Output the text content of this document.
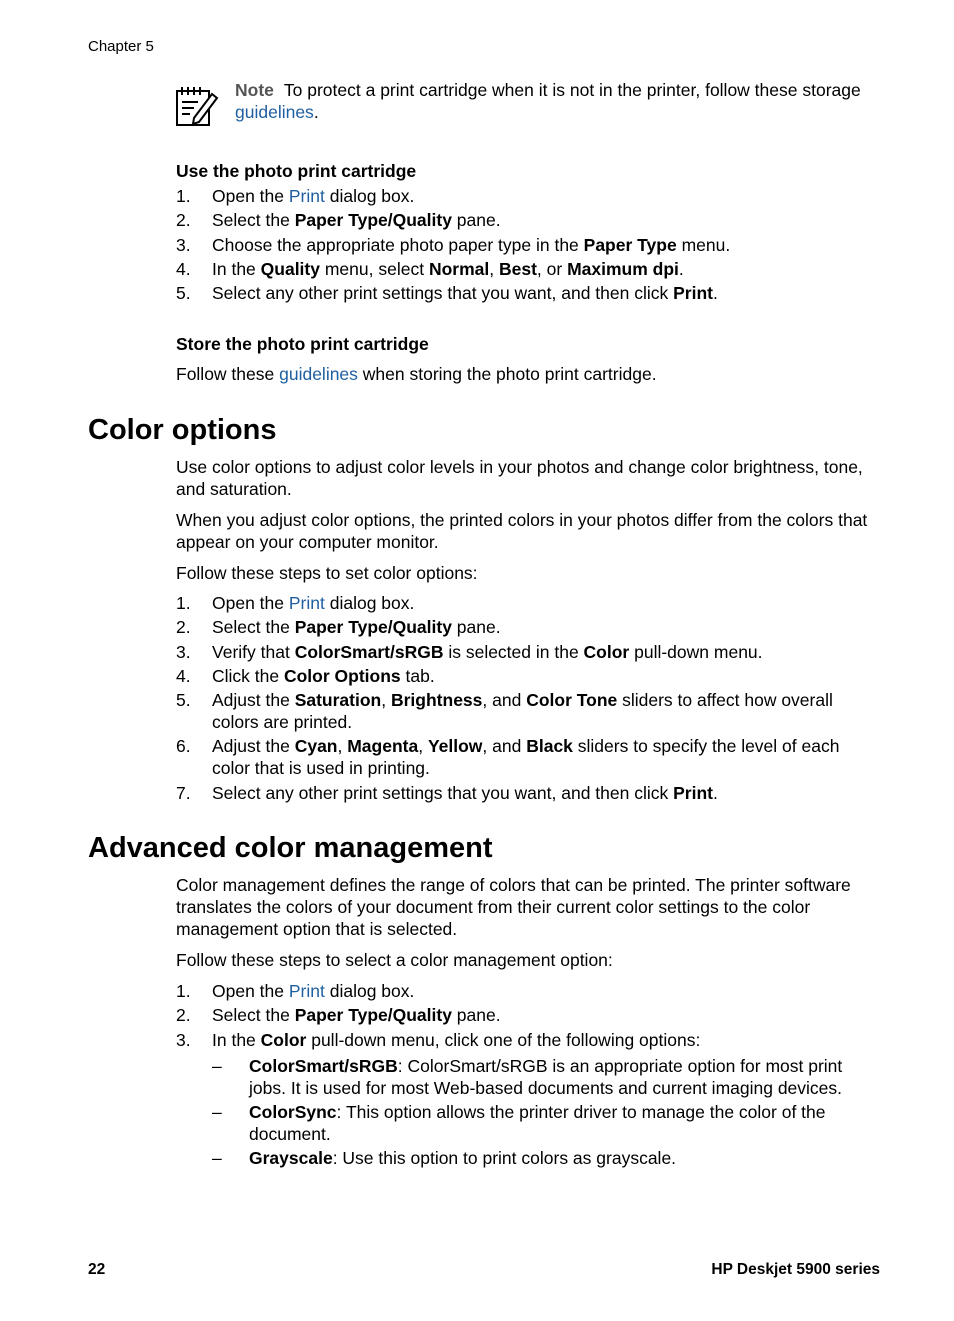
Chapter 5
Note To protect a print cartridge when it is not in the printer, follow these storage guidelines.
Use the photo print cartridge
1. Open the Print dialog box.
2. Select the Paper Type/Quality pane.
3. Choose the appropriate photo paper type in the Paper Type menu.
4. In the Quality menu, select Normal, Best, or Maximum dpi.
5. Select any other print settings that you want, and then click Print.
Store the photo print cartridge

Follow these guidelines when storing the photo print cartridge.

Color options

Use color options to adjust color levels in your photos and change color brightness, tone, and saturation.

When you adjust color options, the printed colors in your photos differ from the colors that appear on your computer monitor.

Follow these steps to set color options:

1. Open the Print dialog box.
2. Select the Paper Type/Quality pane.
3. Verify that ColorSmart/sRGB is selected in the Color pull-down menu.
4. Click the Color Options tab.
5. Adjust the Saturation, Brightness, and Color Tone sliders to affect how overall colors are printed.
6. Adjust the Cyan, Magenta, Yellow, and Black sliders to specify the level of each color that is used in printing.
7. Select any other print settings that you want, and then click Print.
Advanced color management

Color management defines the range of colors that can be printed. The printer software translates the colors of your document from their current color settings to the color management option that is selected.

Follow these steps to select a color management option:

1. Open the Print dialog box.
2. Select the Paper Type/Quality pane.
3. In the Color pull-down menu, click one of the following options:
– ColorSmart/sRGB: ColorSmart/sRGB is an appropriate option for most print jobs. It is used for most Web-based documents and current imaging devices.
– ColorSync: This option allows the printer driver to manage the color of the document.
– Grayscale: Use this option to print colors as grayscale.
22	HP Deskjet 5900 series
